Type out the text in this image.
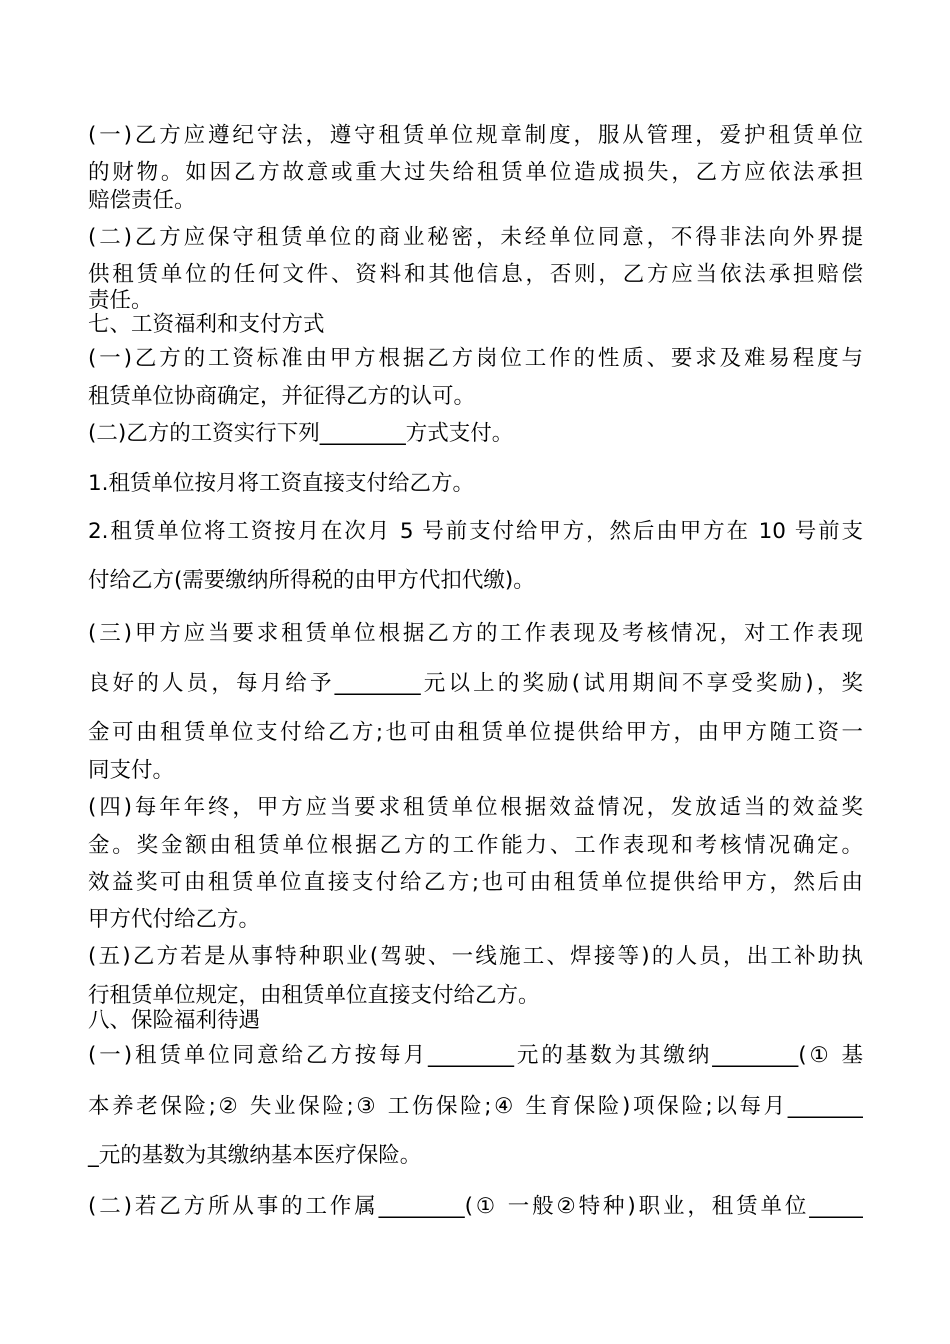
(一)乙方应遵纪守法，遵守租赁单位规章制度，服从管理，爱护租赁单位
的财物。如因乙方故意或重大过失给租赁单位造成损失，乙方应依法承担
赔偿责任。
(二)乙方应保守租赁单位的商业秘密，未经单位同意，不得非法向外界提
供租赁单位的任何文件、资料和其他信息，否则，乙方应当依法承担赔偿
责任。
七、工资福利和支付方式
(一)乙方的工资标准由甲方根据乙方岗位工作的性质、要求及难易程度与
租赁单位协商确定，并征得乙方的认可。
(二)乙方的工资实行下列________方式支付。
1.租赁单位按月将工资直接支付给乙方。
2.租赁单位将工资按月在次月 5 号前支付给甲方，然后由甲方在 10 号前支
付给乙方(需要缴纳所得税的由甲方代扣代缴)。
(三)甲方应当要求租赁单位根据乙方的工作表现及考核情况，对工作表现
良好的人员，每月给予________元以上的奖励(试用期间不享受奖励)，奖
金可由租赁单位支付给乙方;也可由租赁单位提供给甲方，由甲方随工资一
同支付。
(四)每年年终，甲方应当要求租赁单位根据效益情况，发放适当的效益奖
金。奖金额由租赁单位根据乙方的工作能力、工作表现和考核情况确定。
效益奖可由租赁单位直接支付给乙方;也可由租赁单位提供给甲方，然后由
甲方代付给乙方。
(五)乙方若是从事特种职业(驾驶、一线施工、焊接等)的人员，出工补助执
行租赁单位规定，由租赁单位直接支付给乙方。
八、保险福利待遇
(一)租赁单位同意给乙方按每月________元的基数为其缴纳________(① 基
本养老保险;② 失业保险;③ 工伤保险;④ 生育保险)项保险;以每月_______
_元的基数为其缴纳基本医疗保险。
(二)若乙方所从事的工作属________(① 一般②特种)职业，租赁单位_____
